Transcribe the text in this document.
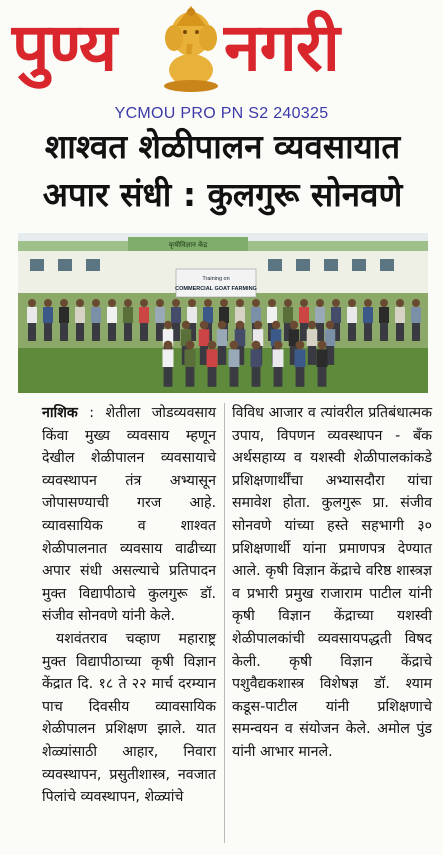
पुण्य नगरी
YCMOU PRO PN S2 240325
शाश्वत शेळीपालन व्यवसायात
अपार संधी : कुलगुरू सोनवणे
Training on
COMMERCIAL GOAT FARMING
कृषीविज्ञान केंद्र

नाशिक : शेतीला जोडव्यवसाय किंवा मुख्य व्यवसाय म्हणून देखील शेळीपालन व्यवसायाचे व्यवस्थापन तंत्र अभ्यासून जोपासण्याची गरज आहे. व्यावसायिक व शाश्वत शेळीपालनात व्यवसाय वाढीच्या अपार संधी असल्याचे प्रतिपादन मुक्त विद्यापीठाचे कुलगुरू डॉ. संजीव सोनवणे यांनी केले.

यशवंतराव चव्हाण महाराष्ट्र मुक्त विद्यापीठाच्या कृषी विज्ञान केंद्रात दि. १८ ते २२ मार्च दरम्यान पाच दिवसीय व्यावसायिक शेळीपालन प्रशिक्षण झाले. यात शेळ्यांसाठी आहार, निवारा व्यवस्थापन, प्रसुतीशास्त्र, नवजात पिलांचे व्यवस्थापन, शेळ्यांचे

विविध आजार व त्यांवरील प्रतिबंधात्मक उपाय, विपणन व्यवस्थापन - बँक अर्थसहाय्य व यशस्वी शेळीपालकांकडे प्रशिक्षणार्थींचा अभ्यासदौरा यांचा समावेश होता. कुलगुरू प्रा. संजीव सोनवणे यांच्या हस्ते सहभागी ३० प्रशिक्षणार्थी यांना प्रमाणपत्र देण्यात आले. कृषी विज्ञान केंद्राचे वरिष्ठ शास्त्रज्ञ व प्रभारी प्रमुख राजाराम पाटील यांनी कृषी विज्ञान केंद्राच्या यशस्वी शेळीपालकांची व्यवसायपद्धती विषद केली. कृषी विज्ञान केंद्राचे पशुवैद्यकशास्त्र विशेषज्ञ डॉ. श्याम कडूस-पाटील यांनी प्रशिक्षणाचे समन्वयन व संयोजन केले. अमोल पुंड यांनी आभार मानले.
